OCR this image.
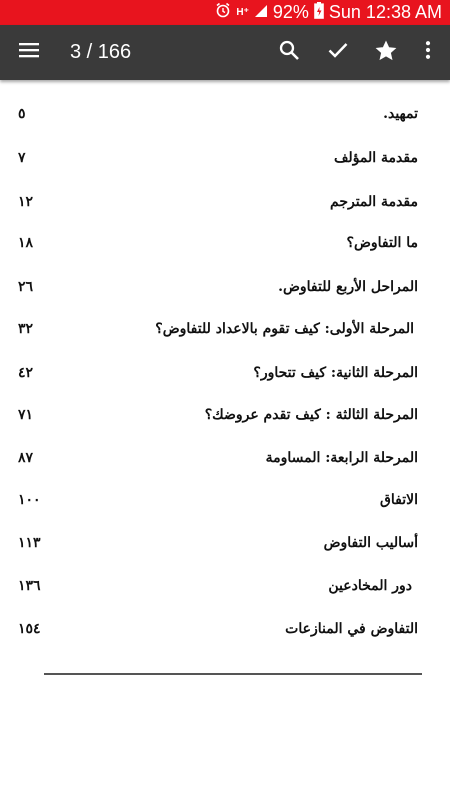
H⁺ 92% Sun 12:38 AM
3 / 166
تمهيد.
٥
مقدمة المؤلف
٧
مقدمة المترجم
١٢
ما التفاوض؟
١٨
المراحل الأربع للتفاوض.
٢٦
المرحلة الأولى: كيف تقوم بالاعداد للتفاوض؟
٣٢
المرحلة الثانية: كيف تتحاور؟
٤٢
المرحلة الثالثة : كيف تقدم عروضك؟
٧١
المرحلة الرابعة: المساومة
٨٧
الاتفاق
١٠٠
أساليب التفاوض
١١٣
دور المخادعين
١٣٦
التفاوض في المنازعات
١٥٤
